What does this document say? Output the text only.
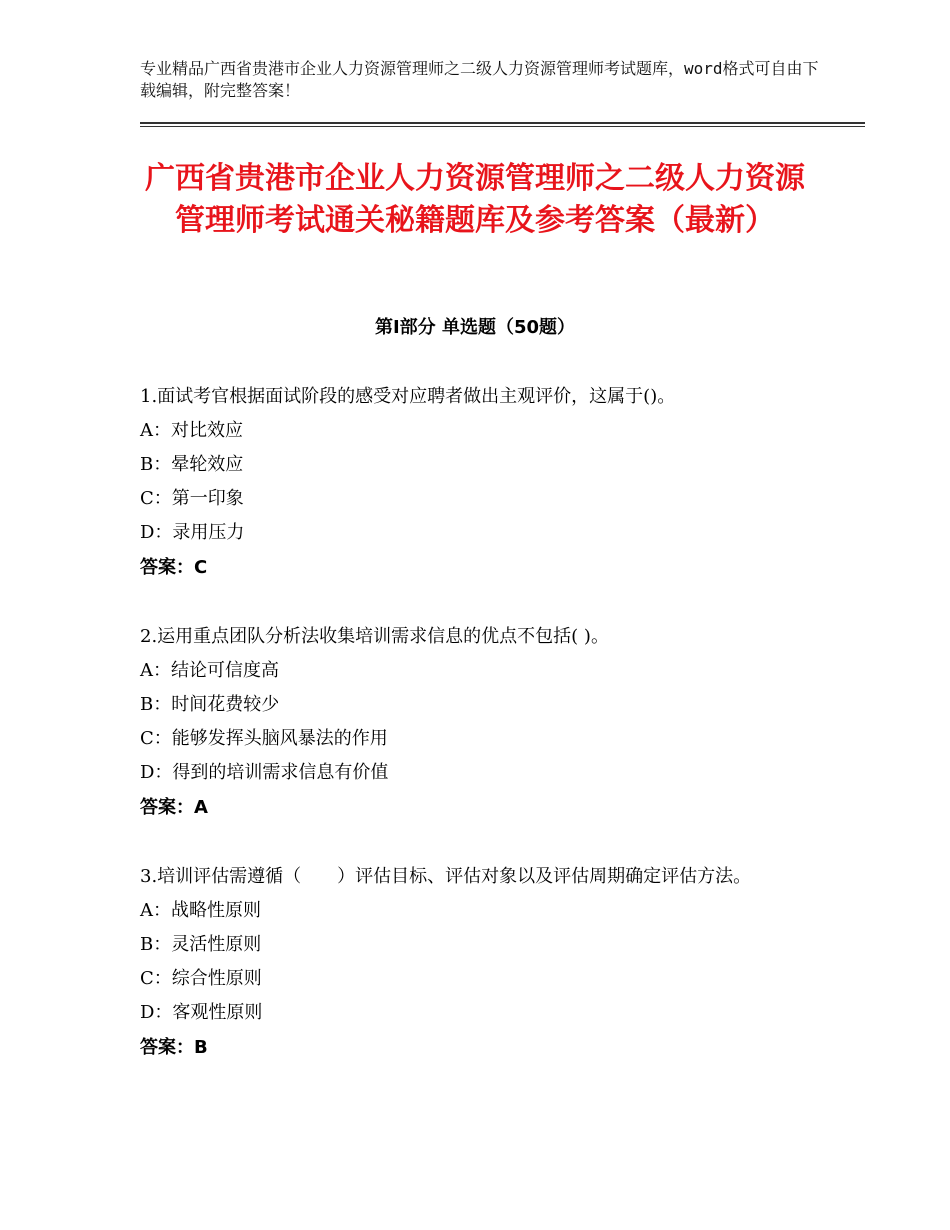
专业精品广西省贵港市企业人力资源管理师之二级人力资源管理师考试题库，word格式可自由下载编辑，附完整答案！
广西省贵港市企业人力资源管理师之二级人力资源管理师考试通关秘籍题库及参考答案（最新）
第Ⅰ部分 单选题（50题）

1.面试考官根据面试阶段的感受对应聘者做出主观评价，这属于()。

A：对比效应

B：晕轮效应

C：第一印象

D：录用压力

答案：C

2.运用重点团队分析法收集培训需求信息的优点不包括( )。

A：结论可信度高

B：时间花费较少

C：能够发挥头脑风暴法的作用

D：得到的培训需求信息有价值

答案：A

3.培训评估需遵循（　　）评估目标、评估对象以及评估周期确定评估方法。

A：战略性原则

B：灵活性原则

C：综合性原则

D：客观性原则

答案：B
